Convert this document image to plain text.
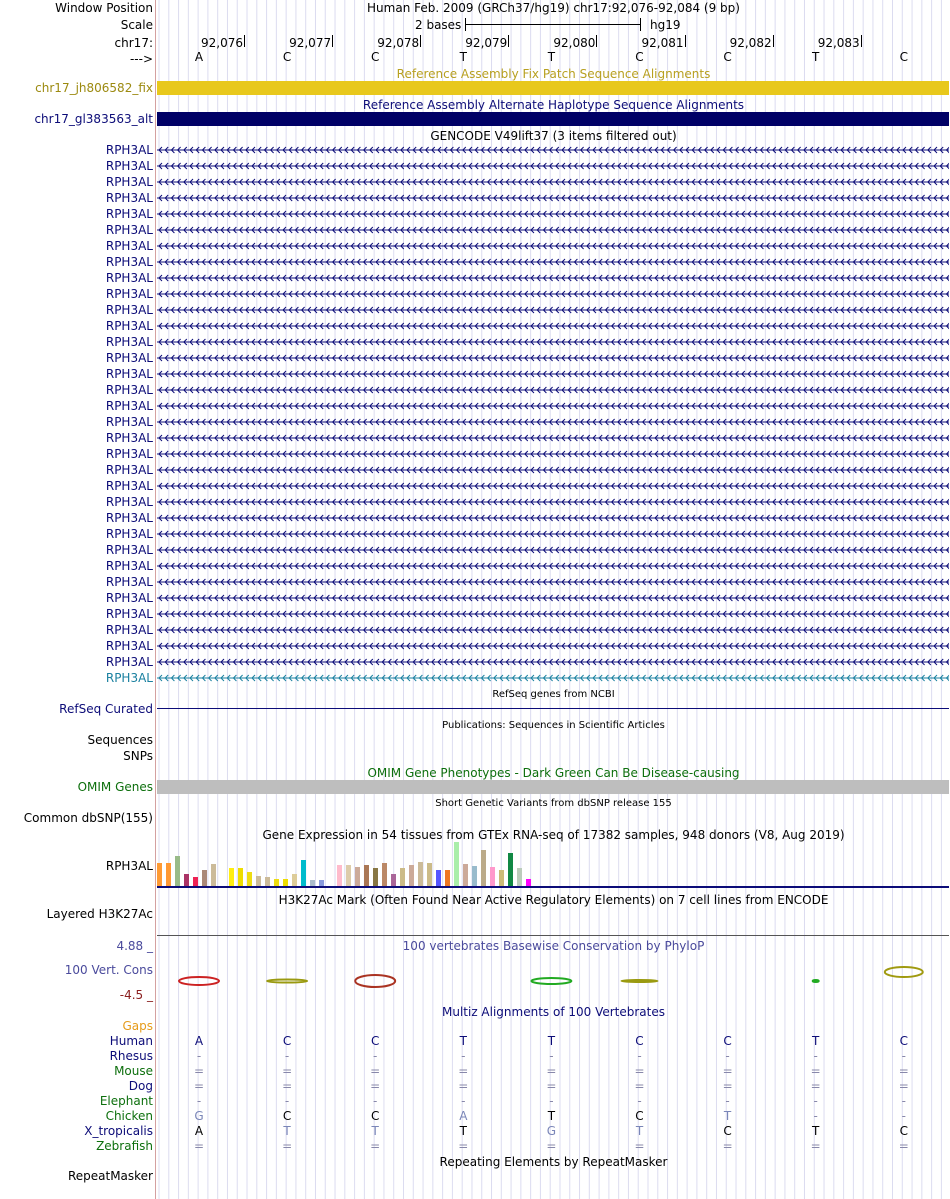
Window Position	Human Feb. 2009 (GRCh37/hg19) chr17:92,076-92,084 (9 bp)
Scale	2 bases	hg19
chr17:
--->
Reference Assembly Fix Patch Sequence Alignments
chr17_jh806582_fix
Reference Assembly Alternate Haplotype Sequence Alignments
chr17_gl383563_alt
GENCODE V49lift37 (3 items filtered out)
RefSeq genes from NCBI
RefSeq Curated
Publications: Sequences in Scientific Articles
Sequences
SNPs
OMIM Gene Phenotypes - Dark Green Can Be Disease-causing
OMIM Genes
Short Genetic Variants from dbSNP release 155
Common dbSNP(155)
Gene Expression in 54 tissues from GTEx RNA-seq of 17382 samples, 948 donors (V8, Aug 2019)
RPH3AL
H3K27Ac Mark (Often Found Near Active Regulatory Elements) on 7 cell lines from ENCODE
Layered H3K27Ac
100 vertebrates Basewise Conservation by PhyloP
4.88 _
100 Vert. Cons
-4.5 _
Multiz Alignments of 100 Vertebrates
Gaps
Repeating Elements by RepeatMasker
RepeatMasker
92,076	92,077	92,078	92,079	92,080	92,081	92,082	92,083
A	C	C	T	T	C	C	T	C
RPH3AL
RPH3AL
RPH3AL
RPH3AL
RPH3AL
RPH3AL
RPH3AL
RPH3AL
RPH3AL
RPH3AL
RPH3AL
RPH3AL
RPH3AL
RPH3AL
RPH3AL
RPH3AL
RPH3AL
RPH3AL
RPH3AL
RPH3AL
RPH3AL
RPH3AL
RPH3AL
RPH3AL
RPH3AL
RPH3AL
RPH3AL
RPH3AL
RPH3AL
RPH3AL
RPH3AL
RPH3AL
RPH3AL
RPH3AL
Human	A	C	C	T	T	C	C	T	C
Rhesus	-	-	-	-	-	-	-	-	-
Mouse	=	=	=	=	=	=	=	=	=
Dog	=	=	=	=	=	=	=	=	=
Elephant	-	-	-	-	-	-	-	-	-
Chicken	G	C	C	A	T	C	T	-	-
X_tropicalis	A	T	T	T	G	T	C	T	C
Zebrafish	=	=	=	=	=	=	=	=	=
